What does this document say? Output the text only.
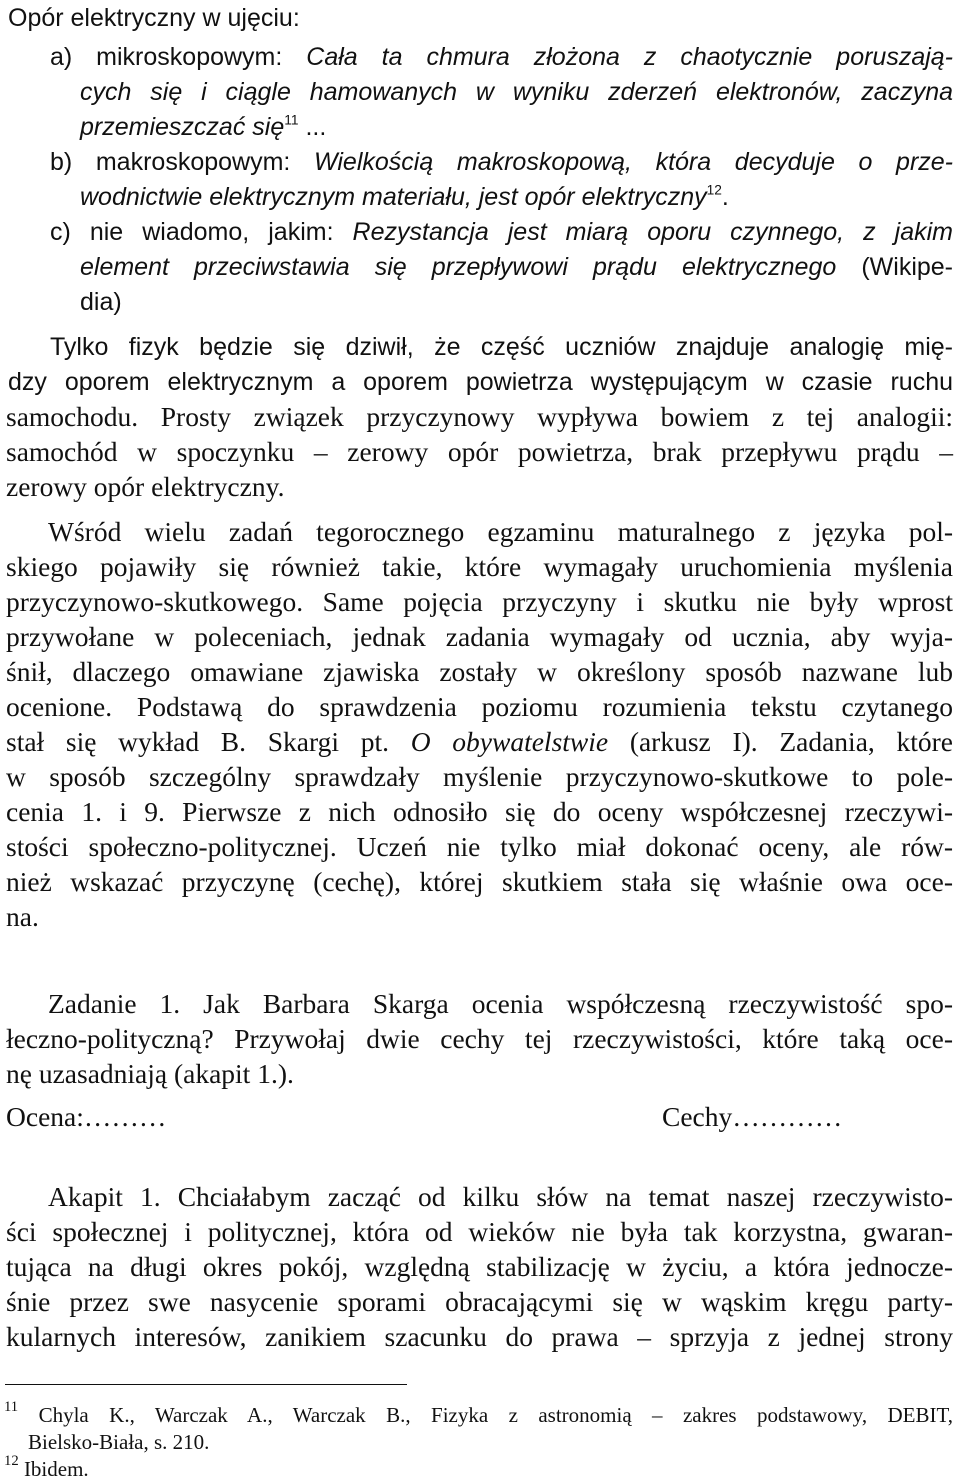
Opór elektryczny w ujęciu:
a) mikroskopowym: Cała ta chmura złożona z chaotycznie poruszają-
cych się i ciągle hamowanych w wyniku zderzeń elektronów, zaczyna
przemieszczać się$^{11}$ ...
b) makroskopowym: Wielkością makroskopową, która decyduje o prze-
wodnictwie elektrycznym materiału, jest opór elektryczny$^{12}$.
c) nie wiadomo, jakim: Rezystancja jest miarą oporu czynnego, z jakim
element przeciwstawia się przepływowi prądu elektrycznego (Wikipe-
dia)
Tylko fizyk będzie się dziwił, że część uczniów znajduje analogię mię-
dzy oporem elektrycznym a oporem powietrza występującym w czasie ruchu
samochodu. Prosty związek przyczynowy wypływa bowiem z tej analogii:
samochód w spoczynku – zerowy opór powietrza, brak przepływu prądu –
zerowy opór elektryczny.
Wśród wielu zadań tegorocznego egzaminu maturalnego z języka pol-
skiego pojawiły się również takie, które wymagały uruchomienia myślenia
przyczynowo-skutkowego. Same pojęcia przyczyny i skutku nie były wprost
przywołane w poleceniach, jednak zadania wymagały od ucznia, aby wyja-
śnił, dlaczego omawiane zjawiska zostały w określony sposób nazwane lub
ocenione. Podstawą do sprawdzenia poziomu rozumienia tekstu czytanego
stał się wykład B. Skargi pt. O obywatelstwie (arkusz I). Zadania, które
w sposób szczególny sprawdzały myślenie przyczynowo-skutkowe to pole-
cenia 1. i 9. Pierwsze z nich odnosiło się do oceny współczesnej rzeczywi-
stości społeczno-politycznej. Uczeń nie tylko miał dokonać oceny, ale rów-
nież wskazać przyczynę (cechę), której skutkiem stała się właśnie owa oce-
na.
Zadanie 1. Jak Barbara Skarga ocenia współczesną rzeczywistość spo-
łeczno-polityczną? Przywołaj dwie cechy tej rzeczywistości, które taką oce-
nę uzasadniają (akapit 1.).
Ocena:………	Cechy…………
Akapit 1. Chciałabym zacząć od kilku słów na temat naszej rzeczywisto-
ści społecznej i politycznej, która od wieków nie była tak korzystna, gwaran-
tująca na długi okres pokój, względną stabilizację w życiu, a która jednocze-
śnie przez swe nasycenie sporami obracającymi się w wąskim kręgu party-
kularnych interesów, zanikiem szacunku do prawa – sprzyja z jednej strony
$^{11}$ Chyla K., Warczak A., Warczak B., Fizyka z astronomią – zakres podstawowy, DEBIT,
Bielsko-Biała, s. 210.
$^{12}$ Ibidem.
